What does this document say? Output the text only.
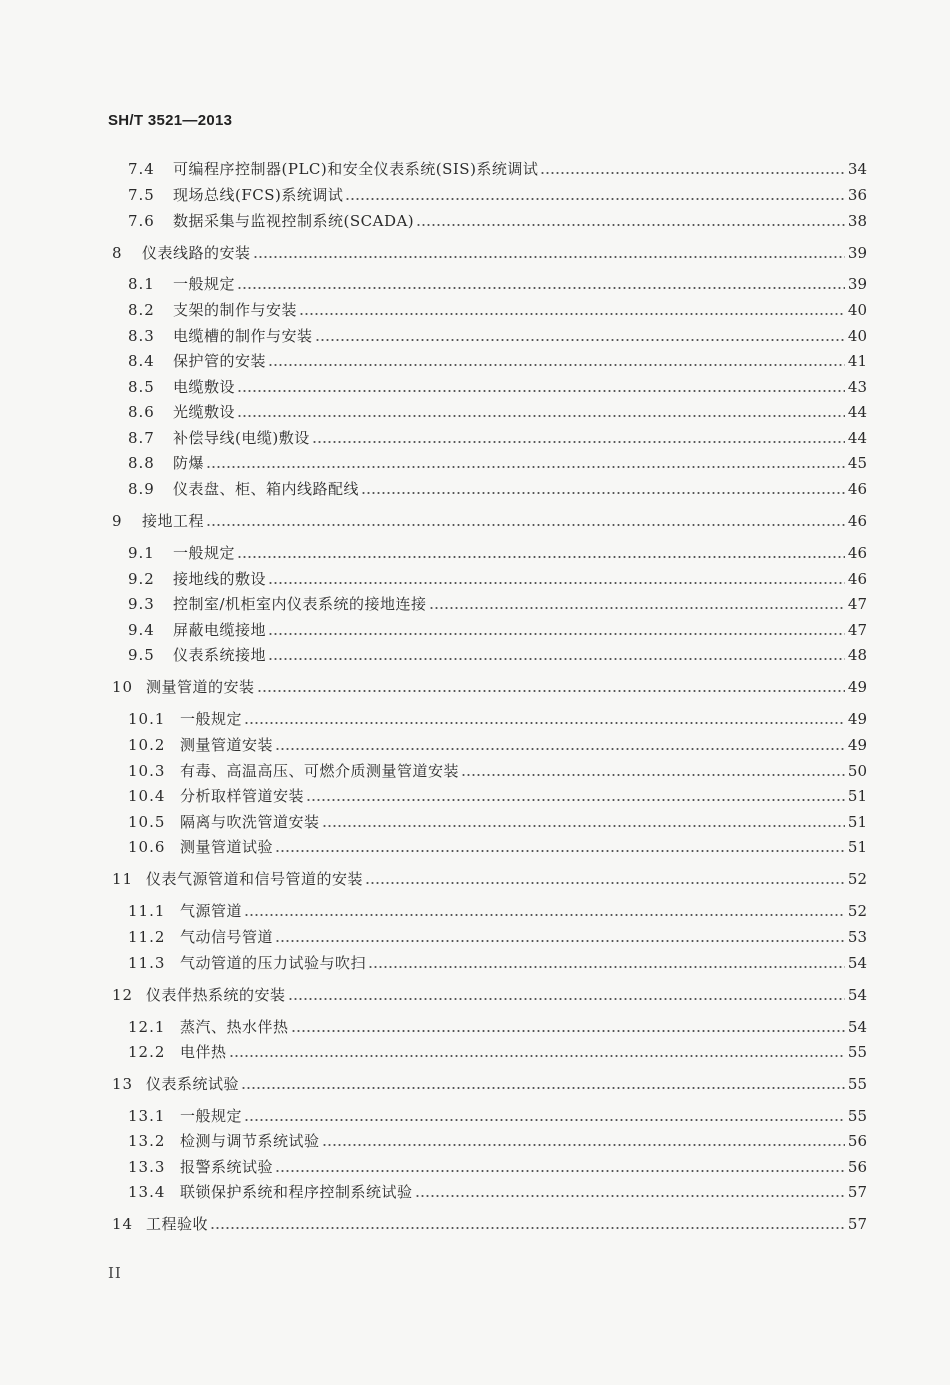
SH/T 3521—2013
7.4	可编程序控制器(PLC)和安全仪表系统(SIS)系统调试	34
7.5	现场总线(FCS)系统调试	36
7.6	数据采集与监视控制系统(SCADA)	38
8	仪表线路的安装	39
8.1	一般规定	39
8.2	支架的制作与安装	40
8.3	电缆槽的制作与安装	40
8.4	保护管的安装	41
8.5	电缆敷设	43
8.6	光缆敷设	44
8.7	补偿导线(电缆)敷设	44
8.8	防爆	45
8.9	仪表盘、柜、箱内线路配线	46
9	接地工程	46
9.1	一般规定	46
9.2	接地线的敷设	46
9.3	控制室/机柜室内仪表系统的接地连接	47
9.4	屏蔽电缆接地	47
9.5	仪表系统接地	48
10 测量管道的安装	49
10.1 一般规定	49
10.2 测量管道安装	49
10.3 有毒、高温高压、可燃介质测量管道安装	50
10.4 分析取样管道安装	51
10.5 隔离与吹洗管道安装	51
10.6 测量管道试验	51
11 仪表气源管道和信号管道的安装	52
11.1 气源管道	52
11.2 气动信号管道	53
11.3 气动管道的压力试验与吹扫	54
12 仪表伴热系统的安装	54
12.1 蒸汽、热水伴热	54
12.2 电伴热	55
13 仪表系统试验	55
13.1 一般规定	55
13.2 检测与调节系统试验	56
13.3 报警系统试验	56
13.4 联锁保护系统和程序控制系统试验	57
14 工程验收	57
II
